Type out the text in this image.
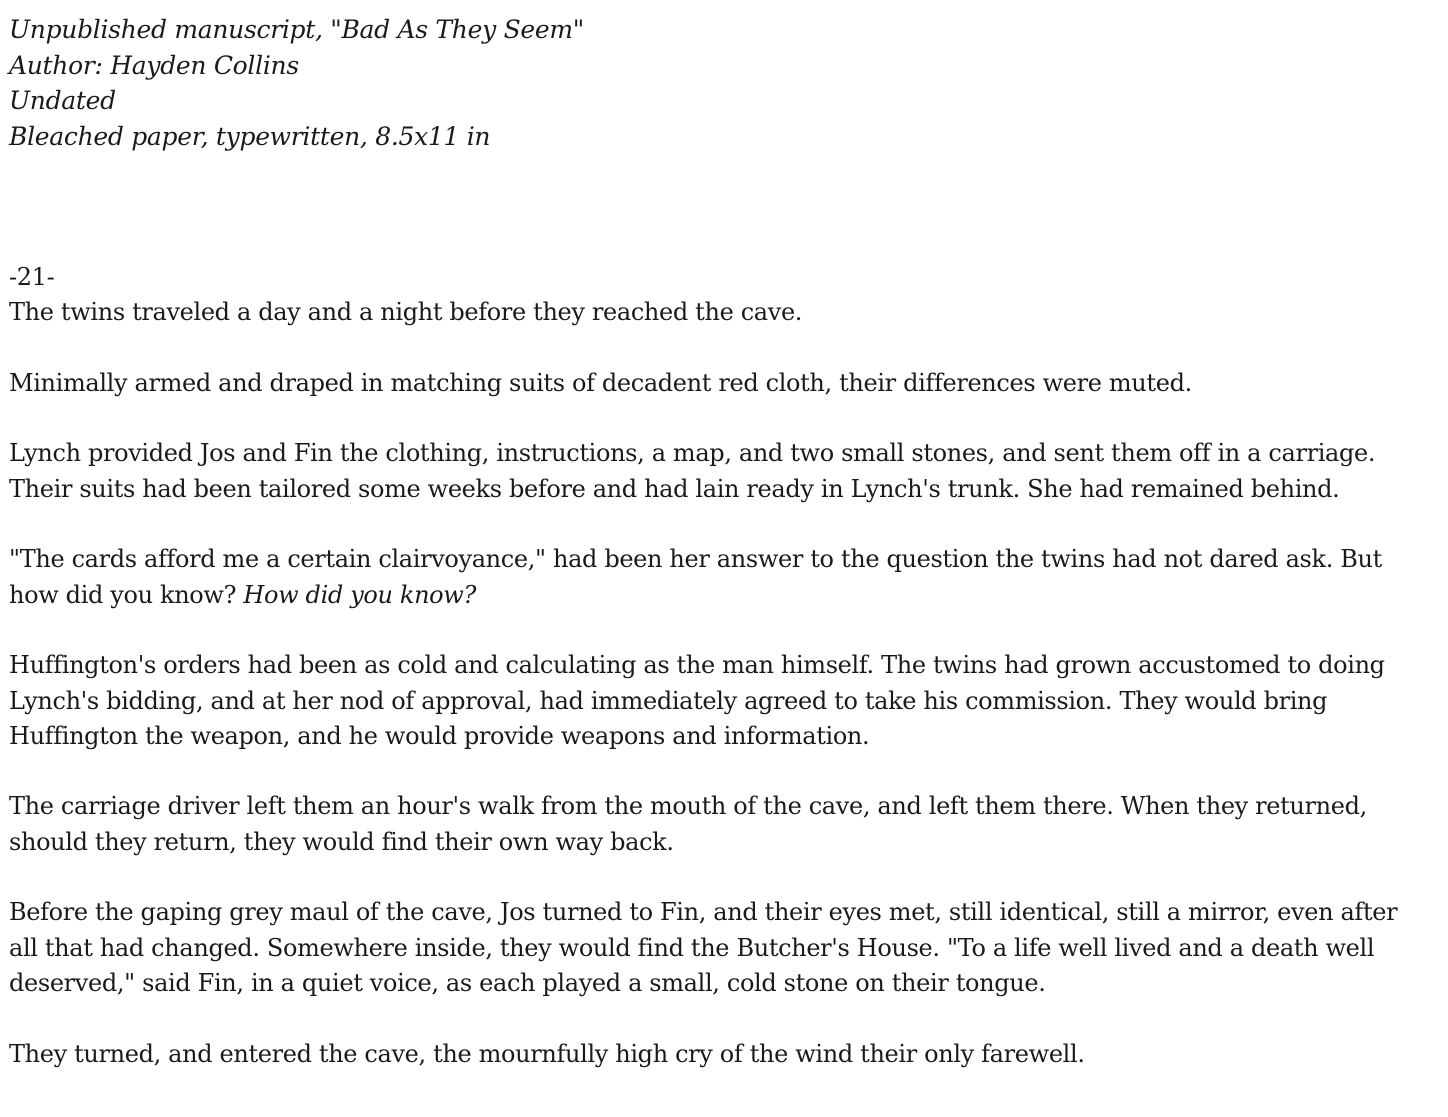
Unpublished manuscript, "Bad As They Seem"
Author: Hayden Collins
Undated
Bleached paper, typewritten, 8.5x11 in
-21-

The twins traveled a day and a night before they reached the cave.

Minimally armed and draped in matching suits of decadent red cloth, their differences were muted.

Lynch provided Jos and Fin the clothing, instructions, a map, and two small stones, and sent them off in a carriage. Their suits had been tailored some weeks before and had lain ready in Lynch's trunk. She had remained behind.

"The cards afford me a certain clairvoyance," had been her answer to the question the twins had not dared ask. But how did you know? How did you know?

Huffington's orders had been as cold and calculating as the man himself. The twins had grown accustomed to doing Lynch's bidding, and at her nod of approval, had immediately agreed to take his commission. They would bring Huffington the weapon, and he would provide weapons and information.

The carriage driver left them an hour's walk from the mouth of the cave, and left them there. When they returned, should they return, they would find their own way back.

Before the gaping grey maul of the cave, Jos turned to Fin, and their eyes met, still identical, still a mirror, even after all that had changed. Somewhere inside, they would find the Butcher's House. "To a life well lived and a death well deserved," said Fin, in a quiet voice, as each played a small, cold stone on their tongue.

They turned, and entered the cave, the mournfully high cry of the wind their only farewell.
